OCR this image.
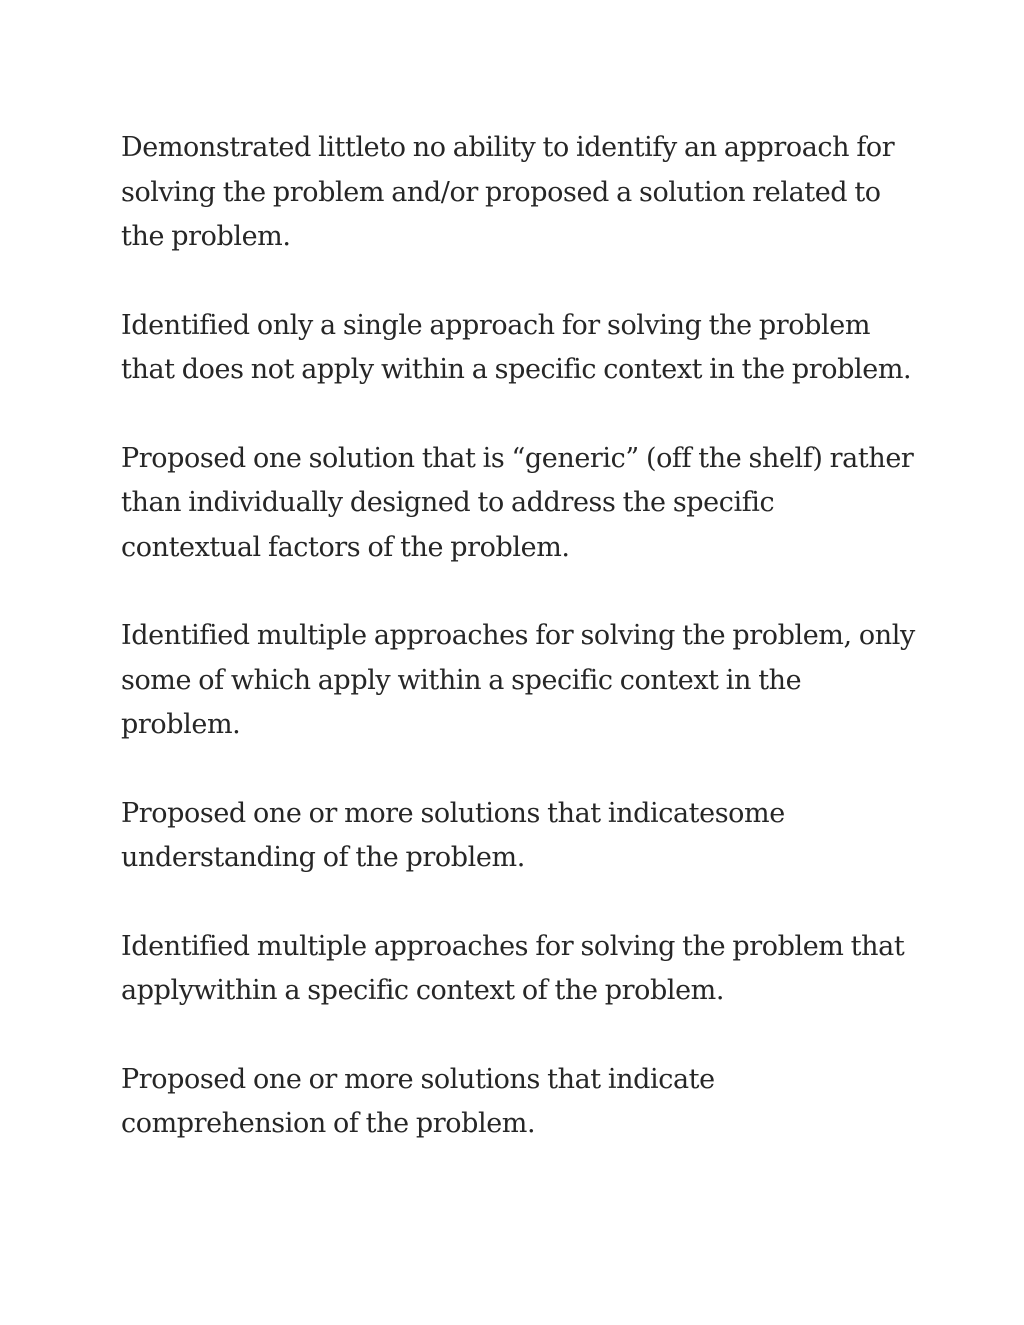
Demonstrated littleto no ability to identify an approach for solving the problem and/or proposed a solution related to the problem.

Identified only a single approach for solving the problem that does not apply within a specific context in the problem.

Proposed one solution that is “generic” (off the shelf) rather than individually designed to address the specific contextual factors of the problem.

Identified multiple approaches for solving the problem, only some of which apply within a specific context in the problem.

Proposed one or more solutions that indicatesome understanding of the problem.

Identified multiple approaches for solving the problem that applywithin a specific context of the problem.

Proposed one or more solutions that indicate comprehension of the problem.
